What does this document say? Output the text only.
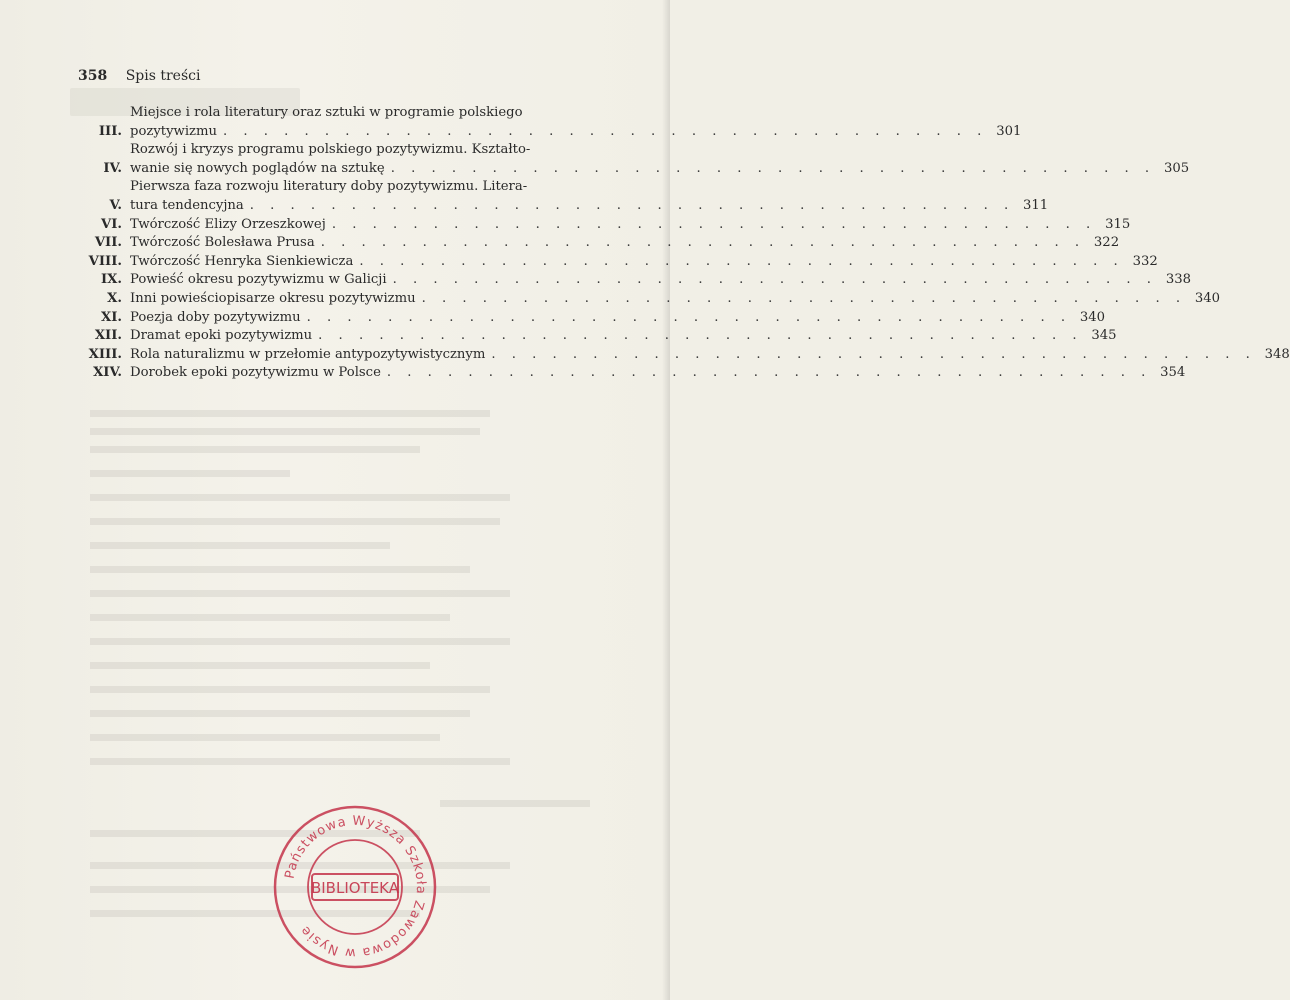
358 Spis treści
III.
Miejsce i rola literatury oraz sztuki w programie polskiego
pozytywizmu . . .	301
IV.
Rozwój i kryzys programu polskiego pozytywizmu. Kształto-
wanie się nowych poglądów na sztukę . . .	305
V.
Pierwsza faza rozwoju literatury doby pozytywizmu. Litera-
tura tendencyjna . . .	311
VI. Twórczość Elizy Orzeszkowej . . .	315
VII. Twórczość Bolesława Prusa . . .	322
VIII. Twórczość Henryka Sienkiewicza . . .	332
IX. Powieść okresu pozytywizmu w Galicji . . .	338
X. Inni powieściopisarze okresu pozytywizmu . . .	340
XI. Poezja doby pozytywizmu . . .	340
XII. Dramat epoki pozytywizmu . . .	345
XIII. Rola naturalizmu w przełomie antypozytywistycznym . . .	348
XIV. Dorobek epoki pozytywizmu w Polsce . . .	354
BIBLIOTEKA
Państwowa Wyższa Szkoła Zawodowa w Nysie
